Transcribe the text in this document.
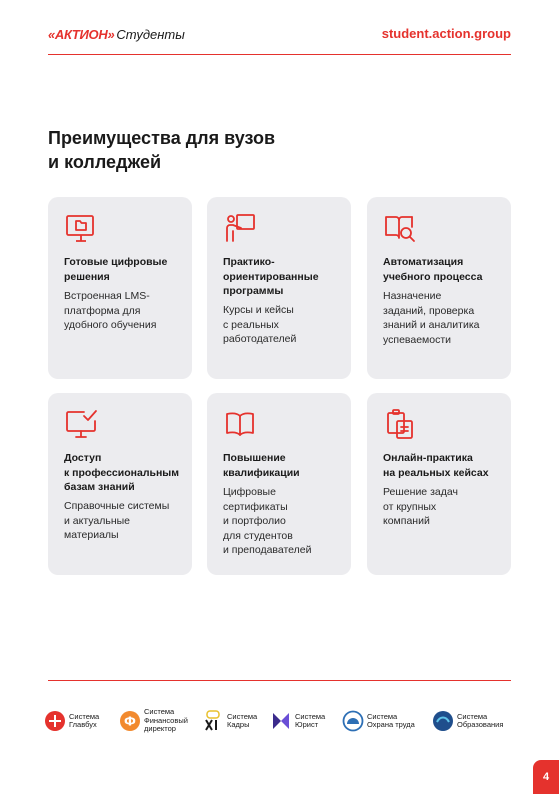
«АКТИОН» Студенты	student.action.group
Преимущества для вузов
и колледжей
Готовые цифровые
решения
Встроенная LMS-
платформа для
удобного обучения
Практико-
ориентированные
программы
Курсы и кейсы
с реальных
работодателей
Автоматизация
учебного процесса
Назначение
заданий, проверка
знаний и аналитика
успеваемости
Доступ
к профессиональным
базам знаний
Справочные системы
и актуальные
материалы
Повышение
квалификации
Цифровые
сертификаты
и портфолио
для студентов
и преподавателей
Онлайн-практика
на реальных кейсах
Решение задач
от крупных
компаний
Система
Главбух Ф
Система
Финансовый
директор
Система
Кадры
Система
Юрист
Система
Охрана труда
Система
Образования
4
